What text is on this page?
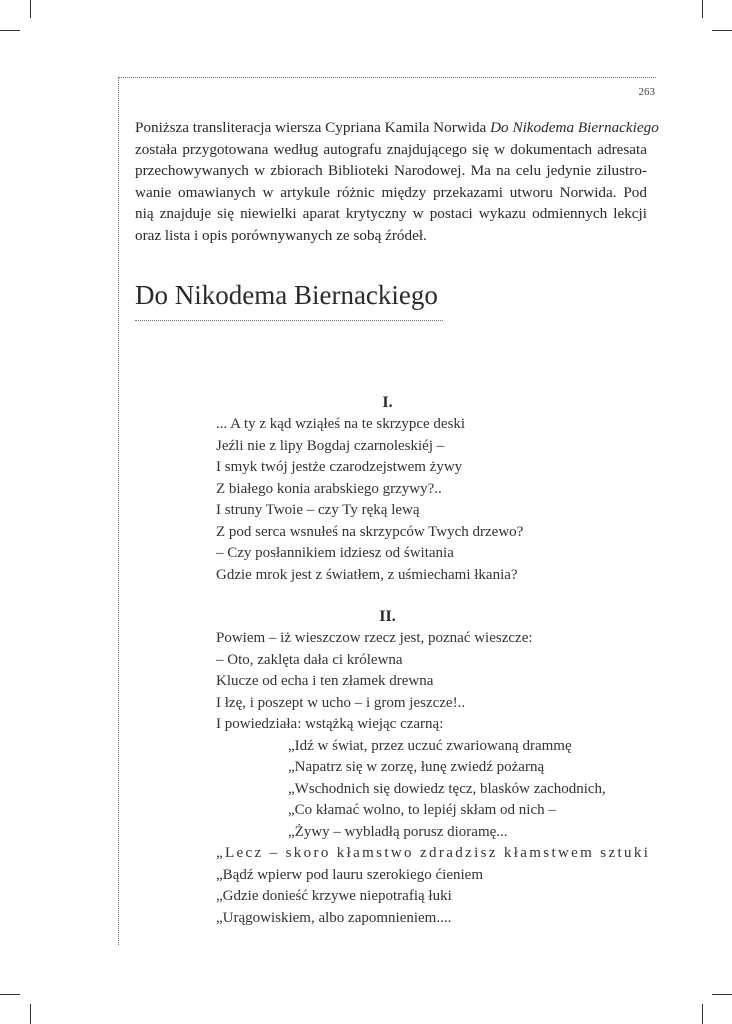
263

Poniższa transliteracja wiersza Cypriana Kamila Norwida Do Nikodema Biernackiego
została przygotowana według autografu znajdującego się w dokumentach adresata
przechowywanych w zbiorach Biblioteki Narodowej. Ma na celu jedynie zilustro-
wanie omawianych w artykule różnic między przekazami utworu Norwida. Pod
nią znajduje się niewielki aparat krytyczny w postaci wykazu odmiennych lekcji
oraz lista i opis porównywanych ze sobą źródeł.

Do Nikodema Biernackiego

I.

... A ty z kąd wziąłeś na te skrzypce deski
Jeźli nie z lipy Bogdaj czarnoleskiéj –
I smyk twój jestże czarodzejstwem żywy
Z białego konia arabskiego grzywy?..
I struny Twoie – czy Ty ręką lewą
Z pod serca wsnułeś na skrzypców Twych drzewo?
– Czy posłannikiem idziesz od świtania
Gdzie mrok jest z światłem, z uśmiechami łkania?

II.

Powiem – iż wieszczow rzecz jest, poznać wieszcze:
– Oto, zaklęta dała ci królewna
Klucze od echa i ten złamek drewna
I łzę, i poszept w ucho – i grom jeszcze!..
I powiedziała: wstążką wiejąc czarną:
„Idź w świat, przez uczuć zwariowaną drammę
„Napatrz się w zorzę, łunę zwiedź pożarną
„Wschodnich się dowiedz tęcz, blasków zachodnich,
„Co kłamać wolno, to lepiéj skłam od nich –
„Żywy – wybladłą porusz dioramę...
„Lecz – skoro kłamstwo zdradzisz kłamstwem sztuki
„Bądź wpierw pod lauru szerokiego ćieniem
„Gdzie donieść krzywe niepotrafią łuki
„Urągowiskiem, albo zapomnieniem....
